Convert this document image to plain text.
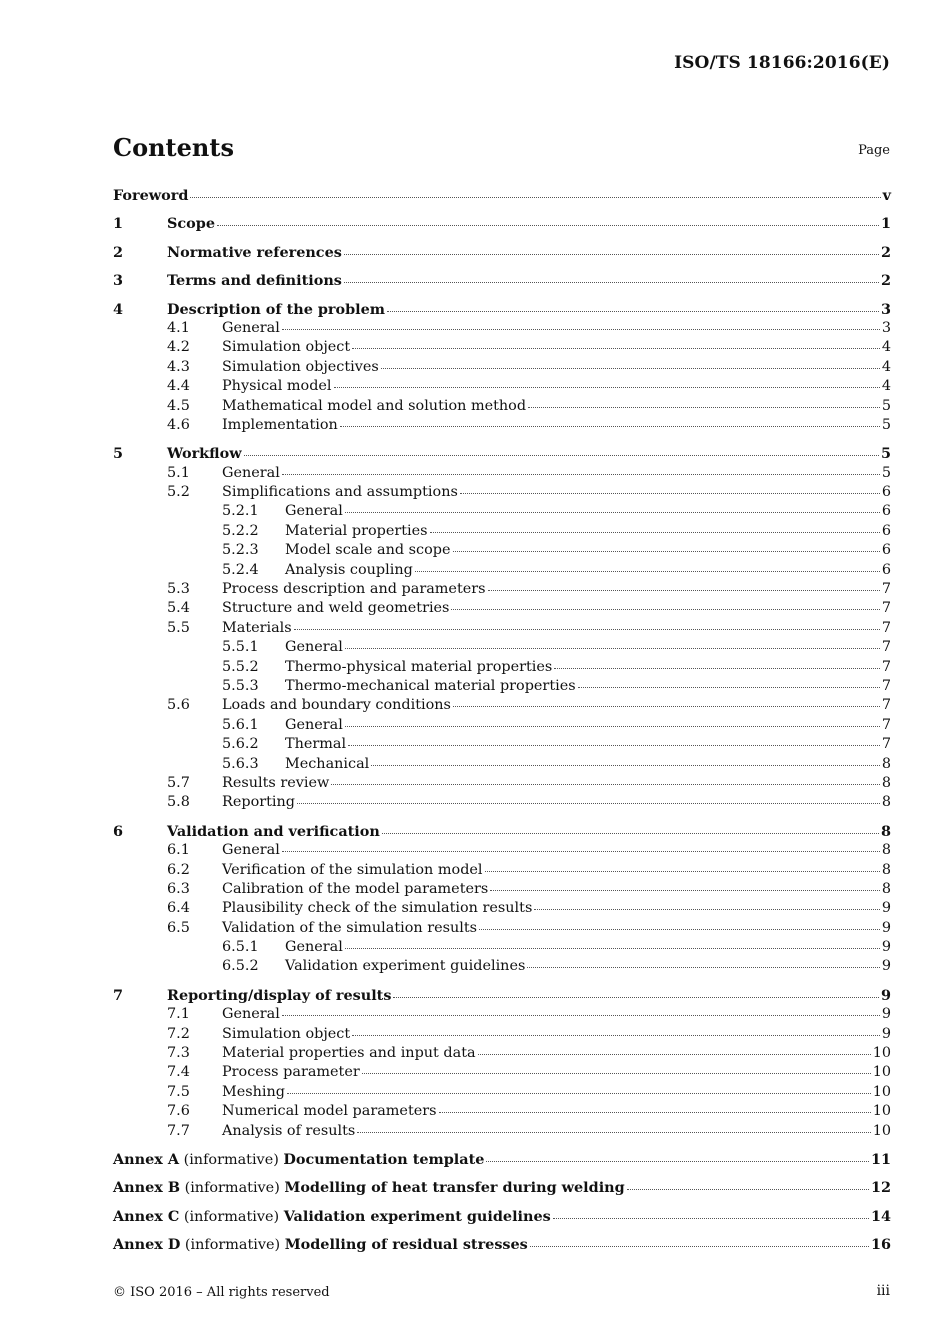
ISO/TS 18166:2016(E)
Contents	Page
Foreword	v
1	Scope	1
2	Normative references	2
3	Terms and definitions	2
4	Description of the problem	3
4.1	General	3
4.2	Simulation object	4
4.3	Simulation objectives	4
4.4	Physical model	4
4.5	Mathematical model and solution method	5
4.6	Implementation	5
5	Workflow	5
5.1	General	5
5.2	Simplifications and assumptions	6
5.2.1	General	6
5.2.2	Material properties	6
5.2.3	Model scale and scope	6
5.2.4	Analysis coupling	6
5.3	Process description and parameters	7
5.4	Structure and weld geometries	7
5.5	Materials	7
5.5.1	General	7
5.5.2	Thermo-physical material properties	7
5.5.3	Thermo-mechanical material properties	7
5.6	Loads and boundary conditions	7
5.6.1	General	7
5.6.2	Thermal	7
5.6.3	Mechanical	8
5.7	Results review	8
5.8	Reporting	8
6	Validation and verification	8
6.1	General	8
6.2	Verification of the simulation model	8
6.3	Calibration of the model parameters	8
6.4	Plausibility check of the simulation results	9
6.5	Validation of the simulation results	9
6.5.1	General	9
6.5.2	Validation experiment guidelines	9
7	Reporting/display of results	9
7.1	General	9
7.2	Simulation object	9
7.3	Material properties and input data	10
7.4	Process parameter	10
7.5	Meshing	10
7.6	Numerical model parameters	10
7.7	Analysis of results	10
Annex A (informative) Documentation template	11
Annex B (informative) Modelling of heat transfer during welding	12
Annex C (informative) Validation experiment guidelines	14
Annex D (informative) Modelling of residual stresses	16
© ISO 2016 – All rights reserved	iii
